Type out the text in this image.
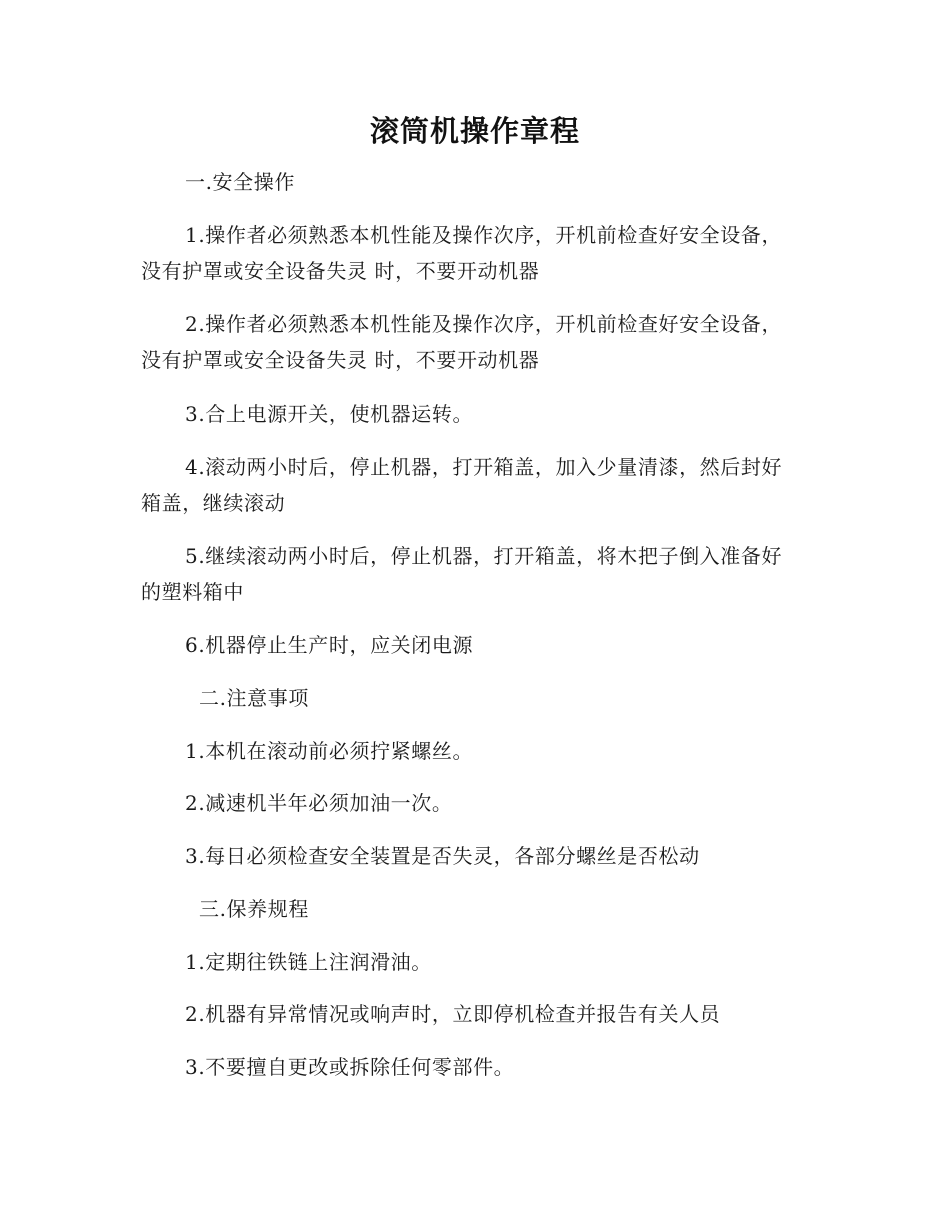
滚筒机操作章程
一.安全操作
1.操作者必须熟悉本机性能及操作次序，开机前检查好安全设备，没有护罩或安全设备失灵 时，不要开动机器
2.操作者必须熟悉本机性能及操作次序，开机前检查好安全设备，没有护罩或安全设备失灵 时，不要开动机器
3.合上电源开关，使机器运转。
4.滚动两小时后，停止机器，打开箱盖，加入少量清漆，然后封好箱盖，继续滚动
5.继续滚动两小时后，停止机器，打开箱盖，将木把子倒入准备好的塑料箱中
6.机器停止生产时，应关闭电源
二.注意事项
1.本机在滚动前必须拧紧螺丝。
2.减速机半年必须加油一次。
3.每日必须检查安全装置是否失灵，各部分螺丝是否松动
三.保养规程
1.定期往铁链上注润滑油。
2.机器有异常情况或响声时，立即停机检查并报告有关人员
3.不要擅自更改或拆除任何零部件。
